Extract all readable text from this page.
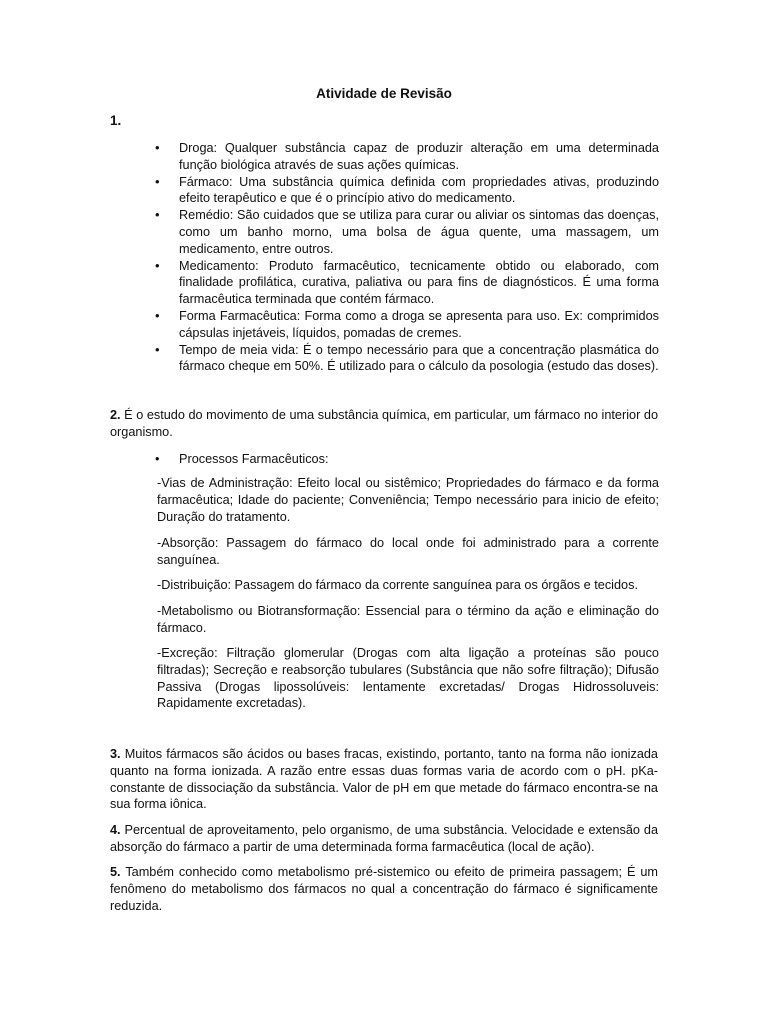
Atividade de Revisão
1.
• Droga: Qualquer substância capaz de produzir alteração em uma determinada função biológica através de suas ações químicas.
• Fármaco: Uma substância química definida com propriedades ativas, produzindo efeito terapêutico e que é o princípio ativo do medicamento.
• Remédio: São cuidados que se utiliza para curar ou aliviar os sintomas das doenças, como um banho morno, uma bolsa de água quente, uma massagem, um medicamento, entre outros.
• Medicamento: Produto farmacêutico, tecnicamente obtido ou elaborado, com finalidade profilática, curativa, paliativa ou para fins de diagnósticos. É uma forma farmacêutica terminada que contém fármaco.
• Forma Farmacêutica: Forma como a droga se apresenta para uso. Ex: comprimidos cápsulas injetáveis, líquidos, pomadas de cremes.
• Tempo de meia vida: É o tempo necessário para que a concentração plasmática do fármaco cheque em 50%. É utilizado para o cálculo da posologia (estudo das doses).

2. É o estudo do movimento de uma substância química, em particular, um fármaco no interior do organismo.

• Processos Farmacêuticos:

-Vias de Administração: Efeito local ou sistêmico; Propriedades do fármaco e da forma farmacêutica; Idade do paciente; Conveniência; Tempo necessário para inicio de efeito; Duração do tratamento.

-Absorção: Passagem do fármaco do local onde foi administrado para a corrente sanguínea.

-Distribuição: Passagem do fármaco da corrente sanguínea para os órgãos e tecidos.

-Metabolismo ou Biotransformação: Essencial para o término da ação e eliminação do fármaco.

-Excreção: Filtração glomerular (Drogas com alta ligação a proteínas são pouco filtradas); Secreção e reabsorção tubulares (Substância que não sofre filtração); Difusão Passiva (Drogas lipossolúveis: lentamente excretadas/ Drogas Hidrossoluveis: Rapidamente excretadas).

3. Muitos fármacos são ácidos ou bases fracas, existindo, portanto, tanto na forma não ionizada quanto na forma ionizada. A razão entre essas duas formas varia de acordo com o pH. pKa-constante de dissociação da substância. Valor de pH em que metade do fármaco encontra-se na sua forma iônica.

4. Percentual de aproveitamento, pelo organismo, de uma substância. Velocidade e extensão da absorção do fármaco a partir de uma determinada forma farmacêutica (local de ação).

5. Também conhecido como metabolismo pré-sistemico ou efeito de primeira passagem; É um fenômeno do metabolismo dos fármacos no qual a concentração do fármaco é significamente reduzida.
